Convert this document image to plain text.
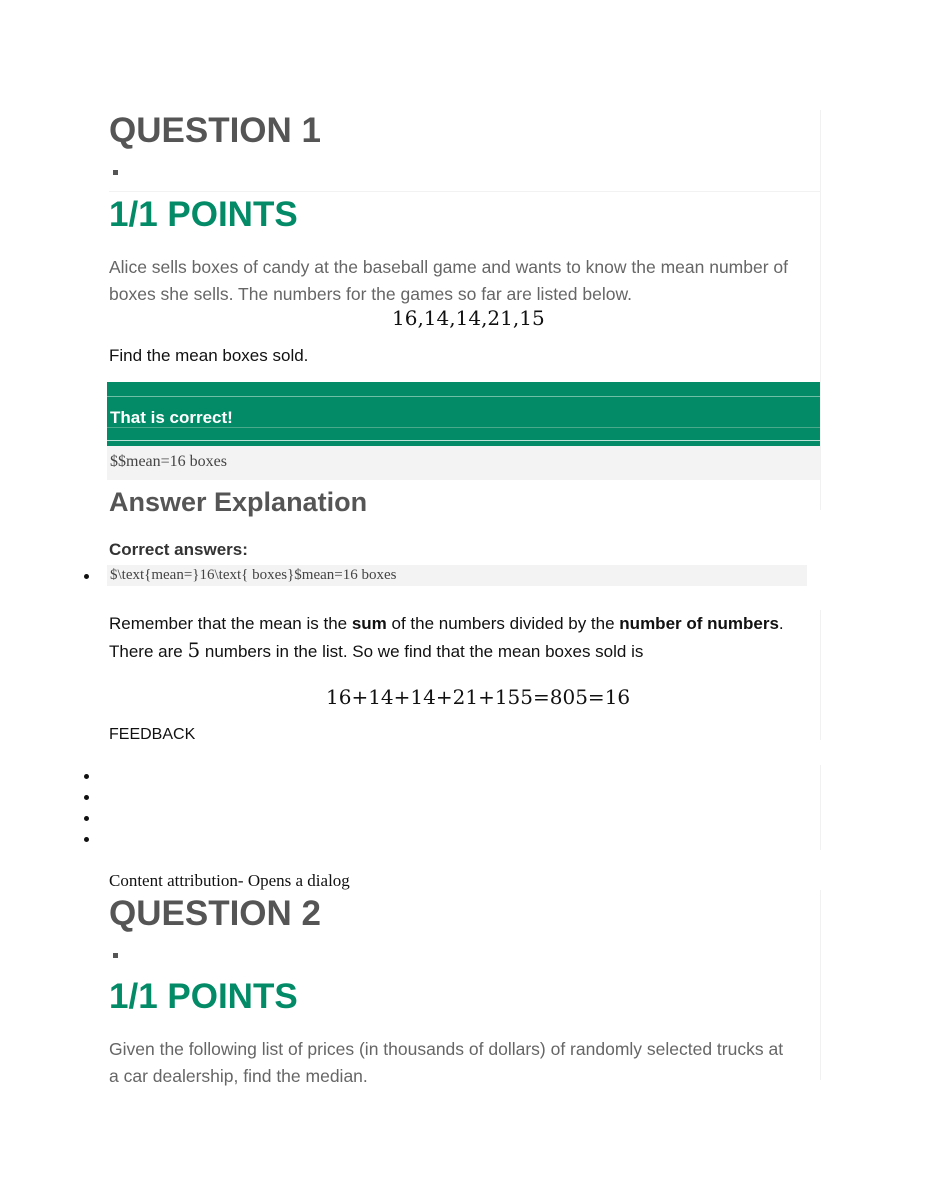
QUESTION 1
1/1 POINTS
Alice sells boxes of candy at the baseball game and wants to know the mean number of boxes she sells. The numbers for the games so far are listed below.
16,14,14,21,15
Find the mean boxes sold.
That is correct!
$$mean=16 boxes
Answer Explanation
Correct answers:
$\text{mean=}16\text{ boxes}$mean=16 boxes
Remember that the mean is the sum of the numbers divided by the number of numbers. There are 5 numbers in the list. So we find that the mean boxes sold is
16+14+14+21+155=805=16
FEEDBACK
Content attribution- Opens a dialog
QUESTION 2
1/1 POINTS
Given the following list of prices (in thousands of dollars) of randomly selected trucks at
a car dealership, find the median.
